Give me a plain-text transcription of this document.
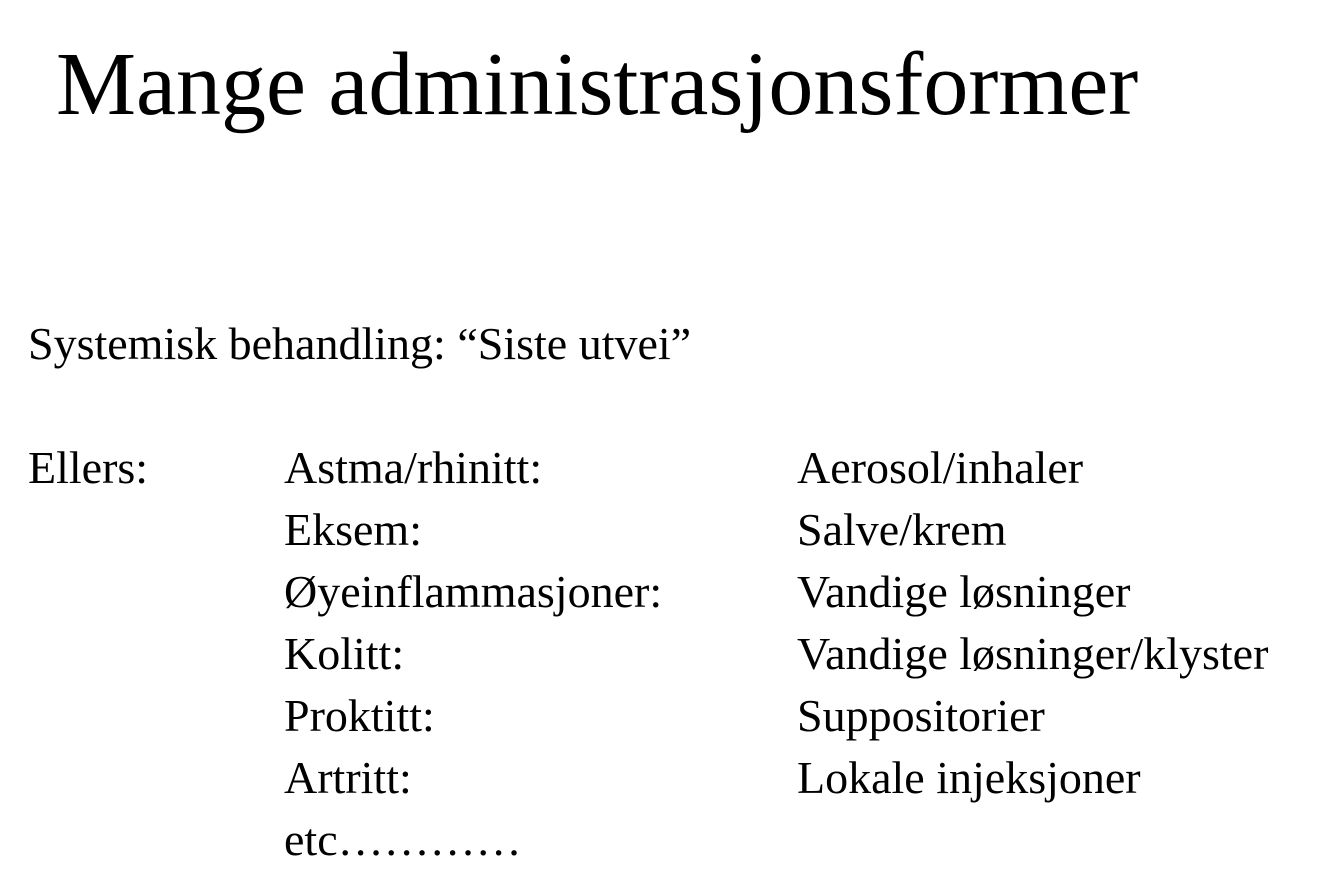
Mange administrasjonsformer
Systemisk behandling: “Siste utvei”
Ellers:	Astma/rhinitt:	Aerosol/inhaler
Eksem:	Salve/krem
Øyeinflammasjoner:	Vandige løsninger
Kolitt:	Vandige løsninger/klyster
Proktitt:	Suppositorier
Artritt:	Lokale injeksjoner
etc…………
